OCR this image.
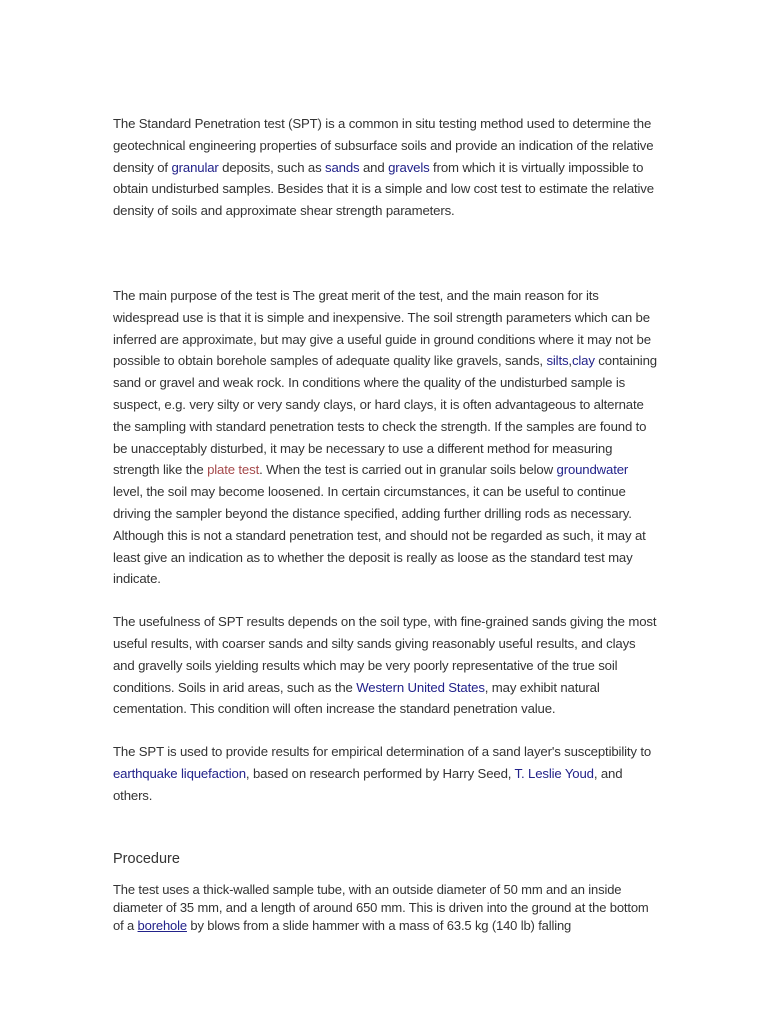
The Standard Penetration test (SPT) is a common in situ testing method used to determine the geotechnical engineering properties of subsurface soils and provide an indication of the relative density of granular deposits, such as sands and gravels from which it is virtually impossible to obtain undisturbed samples. Besides that it is a simple and low cost test to estimate the relative density of soils and approximate shear strength parameters.

The main purpose of the test is The great merit of the test, and the main reason for its widespread use is that it is simple and inexpensive. The soil strength parameters which can be inferred are approximate, but may give a useful guide in ground conditions where it may not be possible to obtain borehole samples of adequate quality like gravels, sands, silts,clay containing sand or gravel and weak rock. In conditions where the quality of the undisturbed sample is suspect, e.g. very silty or very sandy clays, or hard clays, it is often advantageous to alternate the sampling with standard penetration tests to check the strength. If the samples are found to be unacceptably disturbed, it may be necessary to use a different method for measuring strength like the plate test. When the test is carried out in granular soils below groundwater level, the soil may become loosened. In certain circumstances, it can be useful to continue driving the sampler beyond the distance specified, adding further drilling rods as necessary. Although this is not a standard penetration test, and should not be regarded as such, it may at least give an indication as to whether the deposit is really as loose as the standard test may indicate.

The usefulness of SPT results depends on the soil type, with fine-grained sands giving the most useful results, with coarser sands and silty sands giving reasonably useful results, and clays and gravelly soils yielding results which may be very poorly representative of the true soil conditions. Soils in arid areas, such as the Western United States, may exhibit natural cementation. This condition will often increase the standard penetration value.

The SPT is used to provide results for empirical determination of a sand layer's susceptibility to earthquake liquefaction, based on research performed by Harry Seed, T. Leslie Youd, and others.

Procedure

The test uses a thick-walled sample tube, with an outside diameter of 50 mm and an inside diameter of 35 mm, and a length of around 650 mm. This is driven into the ground at the bottom of a borehole by blows from a slide hammer with a mass of 63.5 kg (140 lb) falling
